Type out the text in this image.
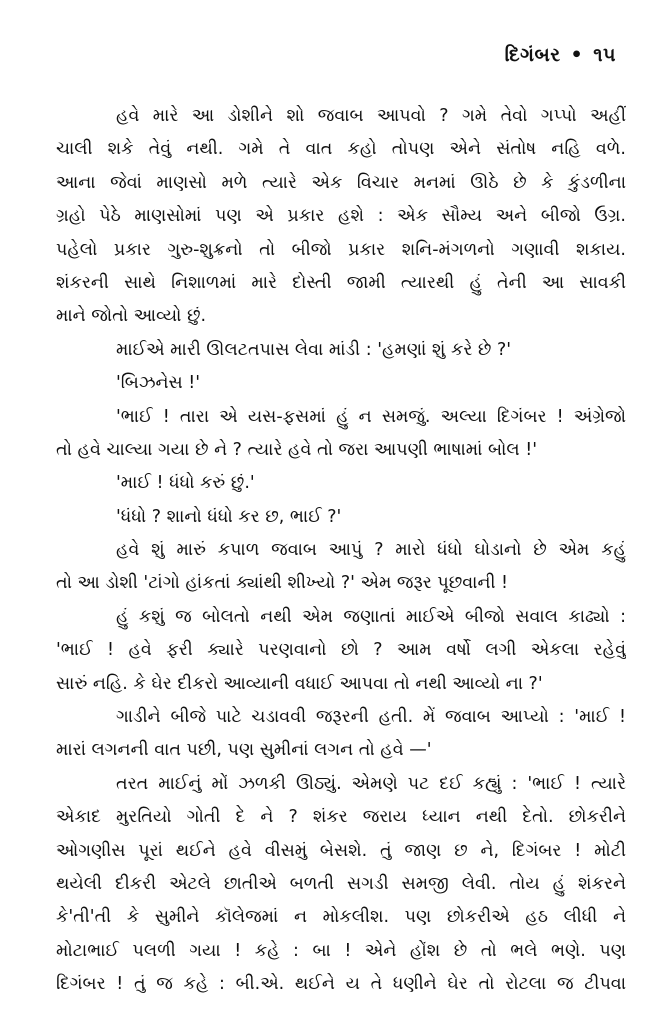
દિગંબર • ૧૫
હવે મારે આ ડોશીને શો જવાબ આપવો ? ગમે તેવો ગપ્પો અહીં
ચાલી શકે તેવું નથી. ગમે તે વાત કહો તોપણ એને સંતોષ નહિ વળે.
આના જેવાં માણસો મળે ત્યારે એક વિચાર મનમાં ઊઠે છે કે કુંડળીના
ગ્રહો પેઠે માણસોમાં પણ એ પ્રકાર હશે : એક સૌમ્ય અને બીજો ઉગ્ર.
પહેલો પ્રકાર ગુરુ-શુક્રનો તો બીજો પ્રકાર શનિ-મંગળનો ગણાવી શકાય.
શંકરની સાથે નિશાળમાં મારે દોસ્તી જામી ત્યારથી હું તેની આ સાવકી
માને જોતો આવ્યો છું.
માઈએ મારી ઊલટતપાસ લેવા માંડી : 'હમણાં શું કરે છે ?'
'બિઝનેસ !'
'ભાઈ ! તારા એ યસ-ફસમાં હું ન સમજું. અલ્યા દિગંબર ! અંગ્રેજો
તો હવે ચાલ્યા ગયા છે ને ? ત્યારે હવે તો જરા આપણી ભાષામાં બોલ !'
'માઈ ! ધંધો કરું છું.'
'ધંધો ? શાનો ધંધો કર છ, ભાઈ ?'
હવે શું મારું કપાળ જવાબ આપું ? મારો ધંધો ઘોડાનો છે એમ કહું
તો આ ડોશી 'ટાંગો હાંકતાં ક્યાંથી શીખ્યો ?' એમ જરૂર પૂછવાની !
હું કશું જ બોલતો નથી એમ જણાતાં માઈએ બીજો સવાલ કાઢ્યો :
'ભાઈ ! હવે ફરી ક્યારે પરણવાનો છો ? આમ વર્ષો લગી એકલા રહેવું
સારું નહિ. કે ઘેર દીકરો આવ્યાની વધાઈ આપવા તો નથી આવ્યો ના ?'
ગાડીને બીજે પાટે ચડાવવી જરૂરની હતી. મેં જવાબ આપ્યો : 'માઈ !
મારાં લગનની વાત પછી, પણ સુમીનાં લગન તો હવે —'
તરત માઈનું મોં ઝળકી ઊઠ્યું. એમણે પટ દઈ કહ્યું : 'ભાઈ ! ત્યારે
એકાદ મુરતિયો ગોતી દે ને ? શંકર જરાય ધ્યાન નથી દેતો. છોકરીને
ઓગણીસ પૂરાં થઈને હવે વીસમું બેસશે. તું જાણ છ ને, દિગંબર ! મોટી
થયેલી દીકરી એટલે છાતીએ બળતી સગડી સમજી લેવી. તોય હું શંકરને
કે'તી'તી કે સુમીને કૉલેજમાં ન મોકલીશ. પણ છોકરીએ હઠ લીધી ને
મોટાભાઈ પલળી ગયા ! કહે : બા ! એને હોંશ છે તો ભલે ભણે. પણ
દિગંબર ! તું જ કહે : બી.એ. થઈને ય તે ધણીને ઘેર તો રોટલા જ ટીપવા
